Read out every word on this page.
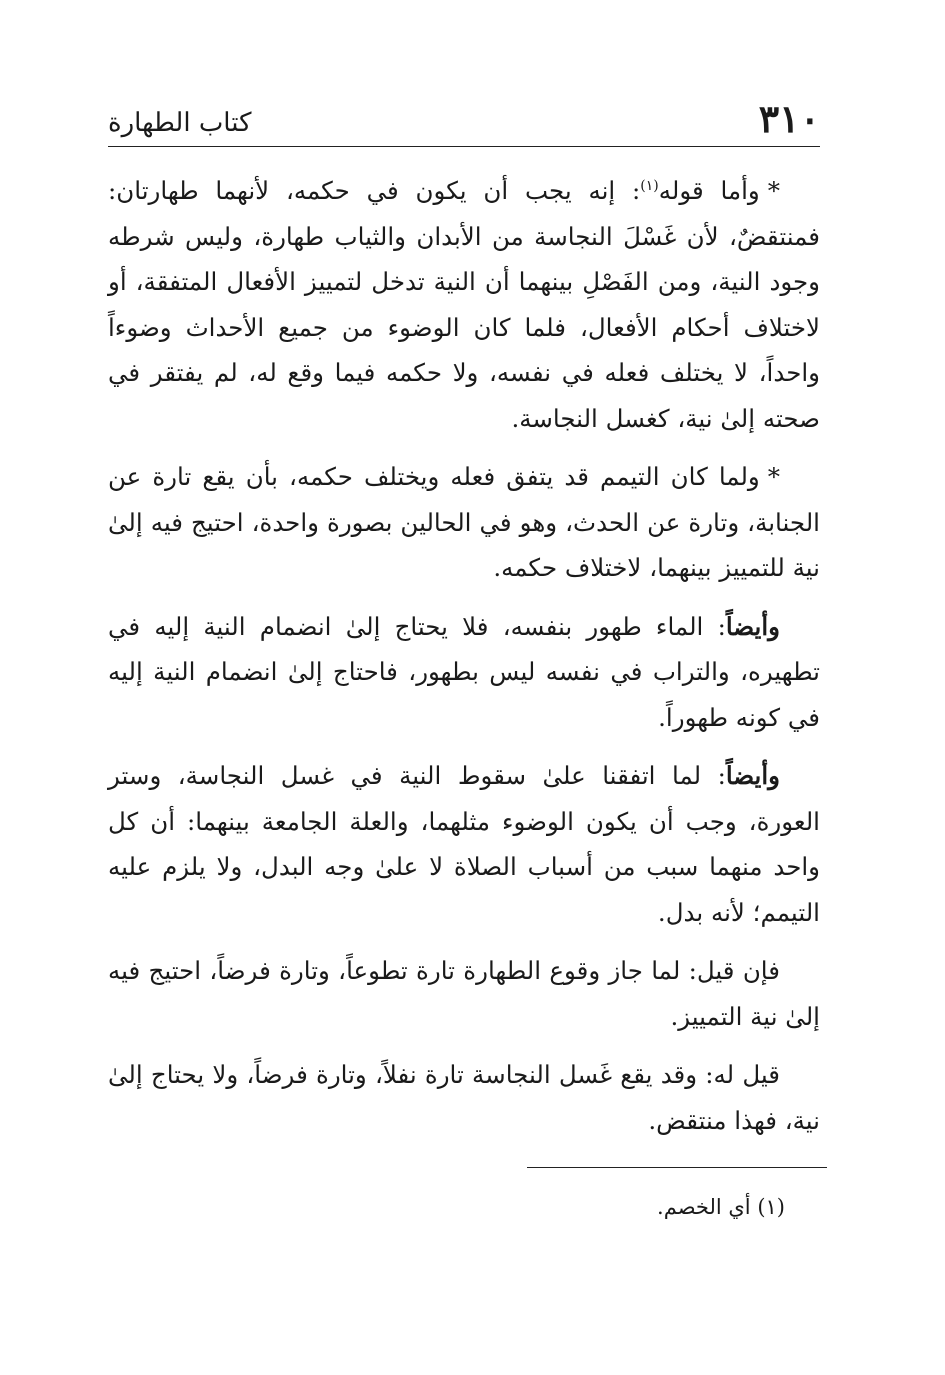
٣١٠
كتاب الطهارة

*وأما قوله$^{(١)}$: إنه يجب أن يكون في حكمه، لأنهما طهارتان: فمنتقضٌ، لأن غَسْلَ النجاسة من الأبدان والثياب طهارة، وليس شرطه وجود النية، ومن الفَصْلِ بينهما أن النية تدخل لتمييز الأفعال المتفقة، أو لاختلاف أحكام الأفعال، فلما كان الوضوء من جميع الأحداث وضوءاً واحداً، لا يختلف فعله في نفسه، ولا حكمه فيما وقع له، لم يفتقر في صحته إلىٰ نية، كغسل النجاسة.

*ولما كان التيمم قد يتفق فعله ويختلف حكمه، بأن يقع تارة عن الجنابة، وتارة عن الحدث، وهو في الحالين بصورة واحدة، احتيج فيه إلىٰ نية للتمييز بينهما، لاختلاف حكمه.

وأيضاً: الماء طهور بنفسه، فلا يحتاج إلىٰ انضمام النية إليه في تطهيره، والتراب في نفسه ليس بطهور، فاحتاج إلىٰ انضمام النية إليه في كونه طهوراً.

وأيضاً: لما اتفقنا علىٰ سقوط النية في غسل النجاسة، وستر العورة، وجب أن يكون الوضوء مثلهما، والعلة الجامعة بينهما: أن كل واحد منهما سبب من أسباب الصلاة لا علىٰ وجه البدل، ولا يلزم عليه التيمم؛ لأنه بدل.

فإن قيل: لما جاز وقوع الطهارة تارة تطوعاً، وتارة فرضاً، احتيج فيه إلىٰ نية التمييز.

قيل له: وقد يقع غَسل النجاسة تارة نفلاً، وتارة فرضاً، ولا يحتاج إلىٰ نية، فهذا منتقض.

(١) أي الخصم.
